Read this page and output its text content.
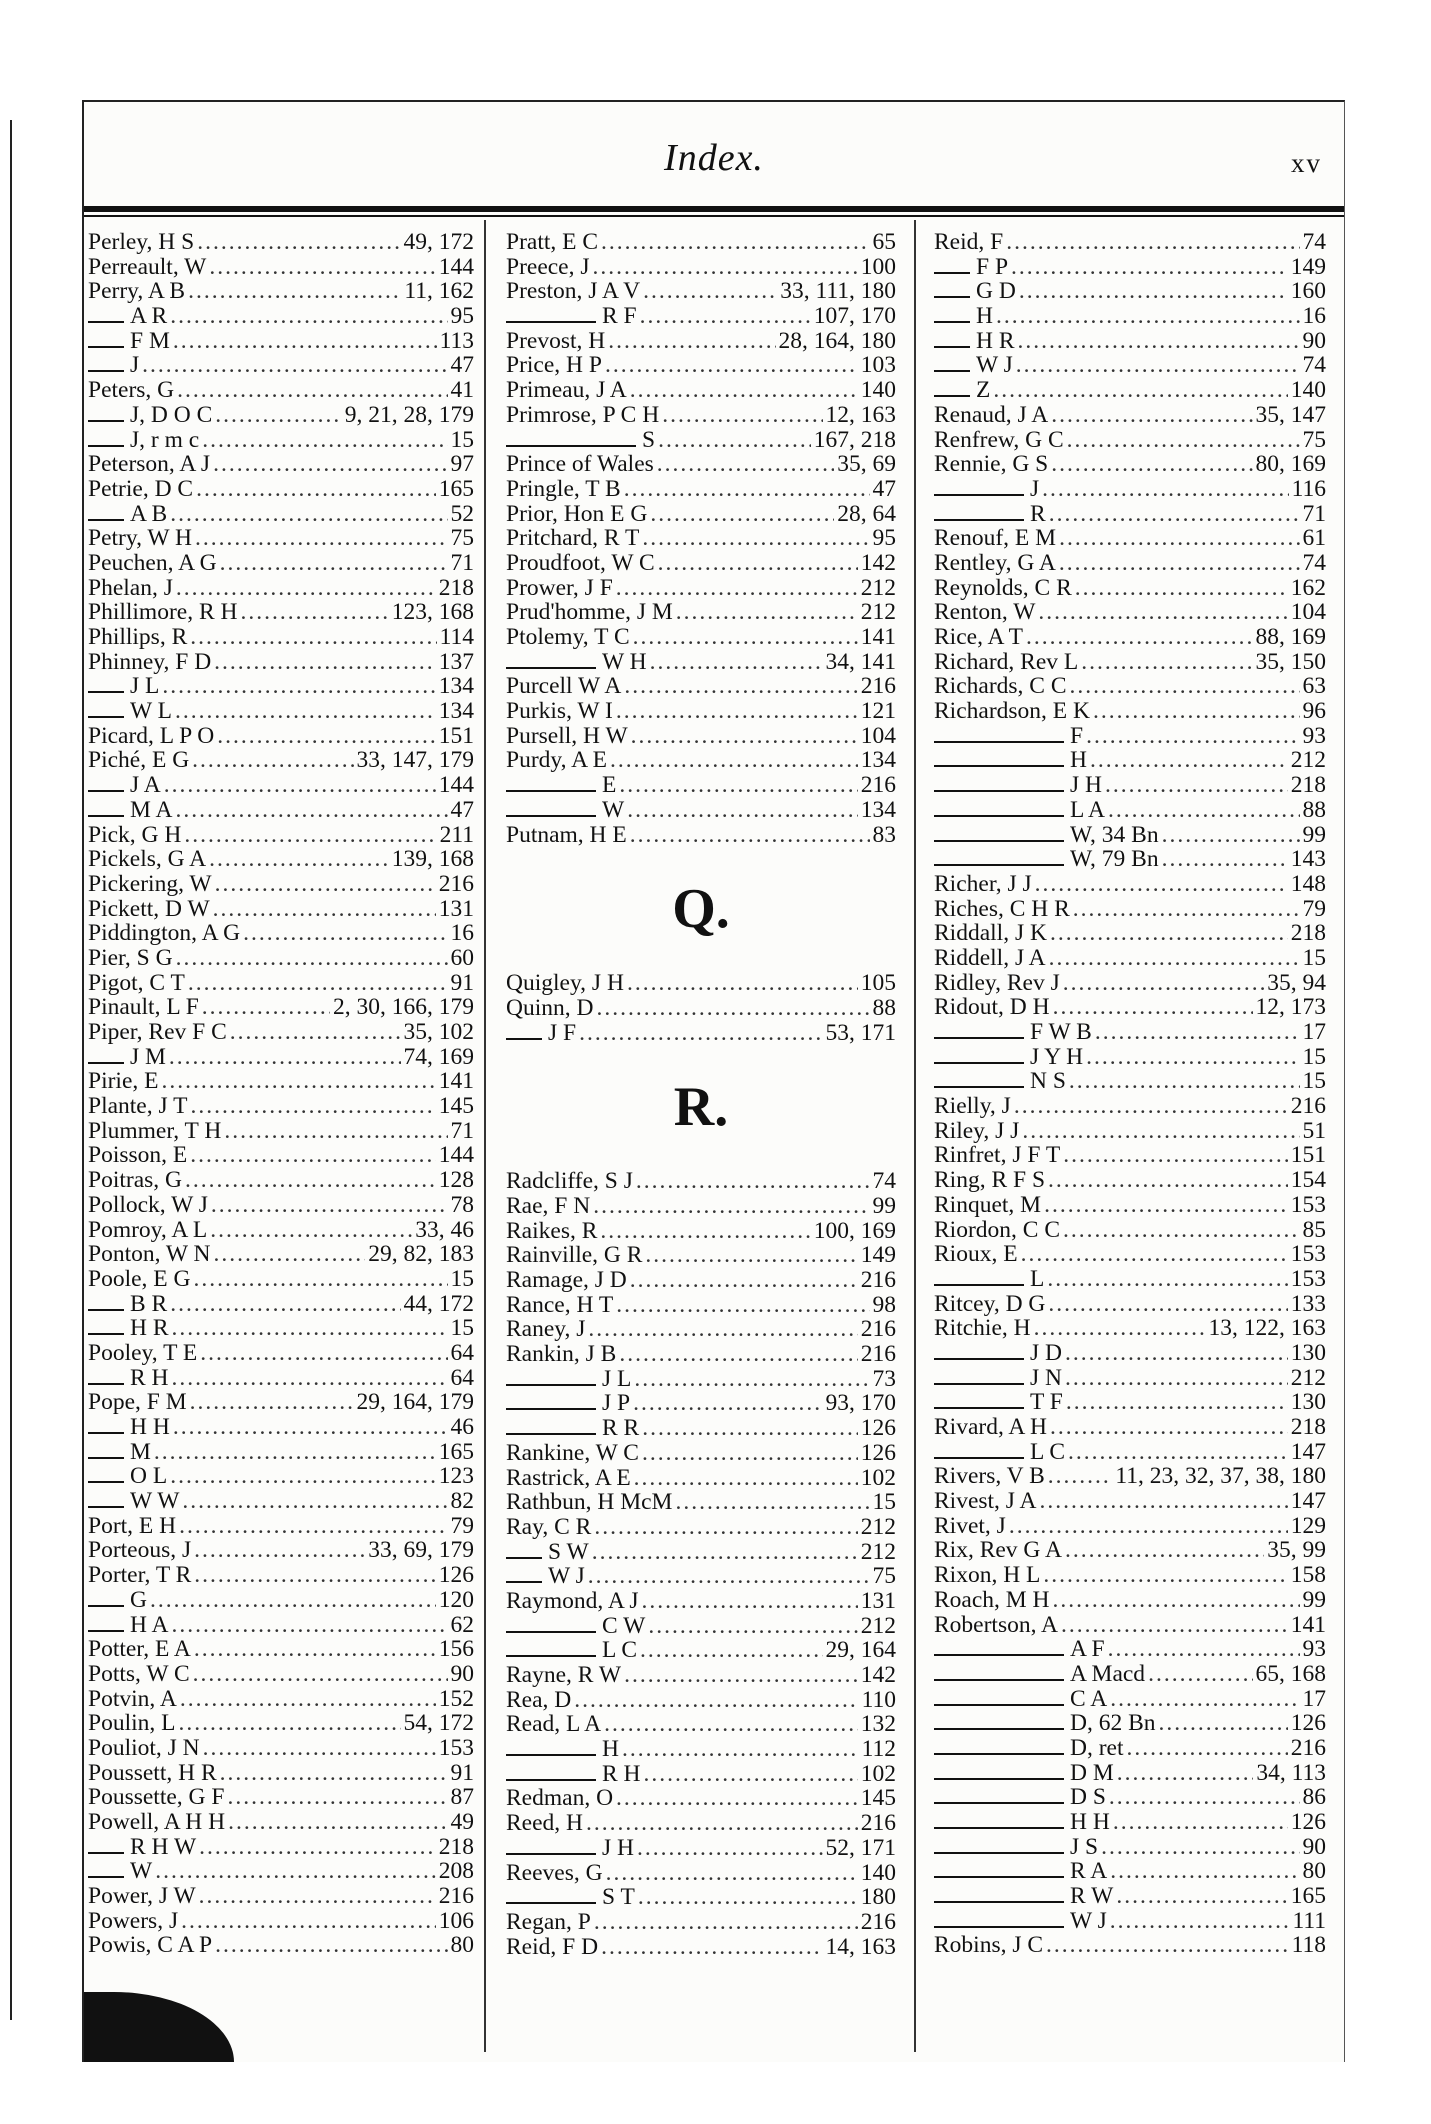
Index.	xv
Perley, H S .....	49, 172
Perreault, W .....	144
Perry, A B .....	11, 162
A R .....	95
F M .....	113
J .....	47
Peters, G .....	41
J, D O C .....	9, 21, 28, 179
J, r m c .....	15
Peterson, A J .....	97
Petrie, D C .....	165
A B .....	52
Petry, W H .....	75
Peuchen, A G .....	71
Phelan, J .....	218
Phillimore, R H .....	123, 168
Phillips, R .....	114
Phinney, F D .....	137
J L .....	134
W L .....	134
Picard, L P O .....	151
Piché, E G .....	33, 147, 179
J A .....	144
M A .....	47
Pick, G H .....	211
Pickels, G A .....	139, 168
Pickering, W .....	216
Pickett, D W .....	131
Piddington, A G .....	16
Pier, S G .....	60
Pigot, C T .....	91
Pinault, L F .....	2, 30, 166, 179
Piper, Rev F C .....	35, 102
J M .....	74, 169
Pirie, E .....	141
Plante, J T .....	145
Plummer, T H .....	71
Poisson, E .....	144
Poitras, G .....	128
Pollock, W J .....	78
Pomroy, A L .....	33, 46
Ponton, W N .....	29, 82, 183
Poole, E G .....	15
B R .....	44, 172
H R .....	15
Pooley, T E .....	64
R H .....	64
Pope, F M .....	29, 164, 179
H H .....	46
M .....	165
O L .....	123
W W .....	82
Port, E H .....	79
Porteous, J .....	33, 69, 179
Porter, T R .....	126
G .....	120
H A .....	62
Potter, E A .....	156
Potts, W C .....	90
Potvin, A .....	152
Poulin, L .....	54, 172
Pouliot, J N .....	153
Poussett, H R .....	91
Poussette, G F .....	87
Powell, A H H .....	49
R H W .....	218
W .....	208
Power, J W .....	216
Powers, J .....	106
Powis, C A P .....	80
Pratt, E C .....	65
Preece, J .....	100
Preston, J A V .....	33, 111, 180
R F .....	107, 170
Prevost, H .....	28, 164, 180
Price, H P .....	103
Primeau, J A .....	140
Primrose, P C H .....	12, 163
S .....	167, 218
Prince of Wales .....	35, 69
Pringle, T B .....	47
Prior, Hon E G .....	28, 64
Pritchard, R T .....	95
Proudfoot, W C .....	142
Prower, J F .....	212
Prud'homme, J M .....	212
Ptolemy, T C .....	141
W H .....	34, 141
Purcell W A .....	216
Purkis, W I .....	121
Pursell, H W .....	104
Purdy, A E .....	134
E .....	216
W .....	134
Putnam, H E .....	83
Q.
Quigley, J H .....	105
Quinn, D .....	88
J F .....	53, 171
R.
Radcliffe, S J .....	74
Rae, F N .....	99
Raikes, R .....	100, 169
Rainville, G R .....	149
Ramage, J D .....	216
Rance, H T .....	98
Raney, J .....	216
Rankin, J B .....	216
J L .....	73
J P .....	93, 170
R R .....	126
Rankine, W C .....	126
Rastrick, A E .....	102
Rathbun, H McM .....	15
Ray, C R .....	212
S W .....	212
W J .....	75
Raymond, A J .....	131
C W .....	212
L C .....	29, 164
Rayne, R W .....	142
Rea, D .....	110
Read, L A .....	132
H .....	112
R H .....	102
Redman, O .....	145
Reed, H .....	216
J H .....	52, 171
Reeves, G .....	140
S T .....	180
Regan, P .....	216
Reid, F D .....	14, 163
Reid, F .....	74
F P .....	149
G D .....	160
H .....	16
H R .....	90
W J .....	74
Z .....	140
Renaud, J A .....	35, 147
Renfrew, G C .....	75
Rennie, G S .....	80, 169
J .....	116
R .....	71
Renouf, E M .....	61
Rentley, G A .....	74
Reynolds, C R .....	162
Renton, W .....	104
Rice, A T .....	88, 169
Richard, Rev L .....	35, 150
Richards, C C .....	63
Richardson, E K .....	96
F .....	93
H .....	212
J H .....	218
L A .....	88
W, 34 Bn .....	99
W, 79 Bn .....	143
Richer, J J .....	148
Riches, C H R .....	79
Riddall, J K .....	218
Riddell, J A .....	15
Ridley, Rev J .....	35, 94
Ridout, D H .....	12, 173
F W B .....	17
J Y H .....	15
N S .....	15
Rielly, J .....	216
Riley, J J .....	51
Rinfret, J F T .....	151
Ring, R F S .....	154
Rinquet, M .....	153
Riordon, C C .....	85
Rioux, E .....	153
L .....	153
Ritcey, D G .....	133
Ritchie, H .....	13, 122, 163
J D .....	130
J N .....	212
T F .....	130
Rivard, A H .....	218
L C .....	147
Rivers, V B .....	11, 23, 32, 37, 38, 180
Rivest, J A .....	147
Rivet, J .....	129
Rix, Rev G A .....	35, 99
Rixon, H L .....	158
Roach, M H .....	99
Robertson, A .....	141
A F .....	93
A Macd .....	65, 168
C A .....	17
D, 62 Bn .....	126
D, ret .....	216
D M .....	34, 113
D S .....	86
H H .....	126
J S .....	90
R A .....	80
R W .....	165
W J .....	111
Robins, J C .....	118
